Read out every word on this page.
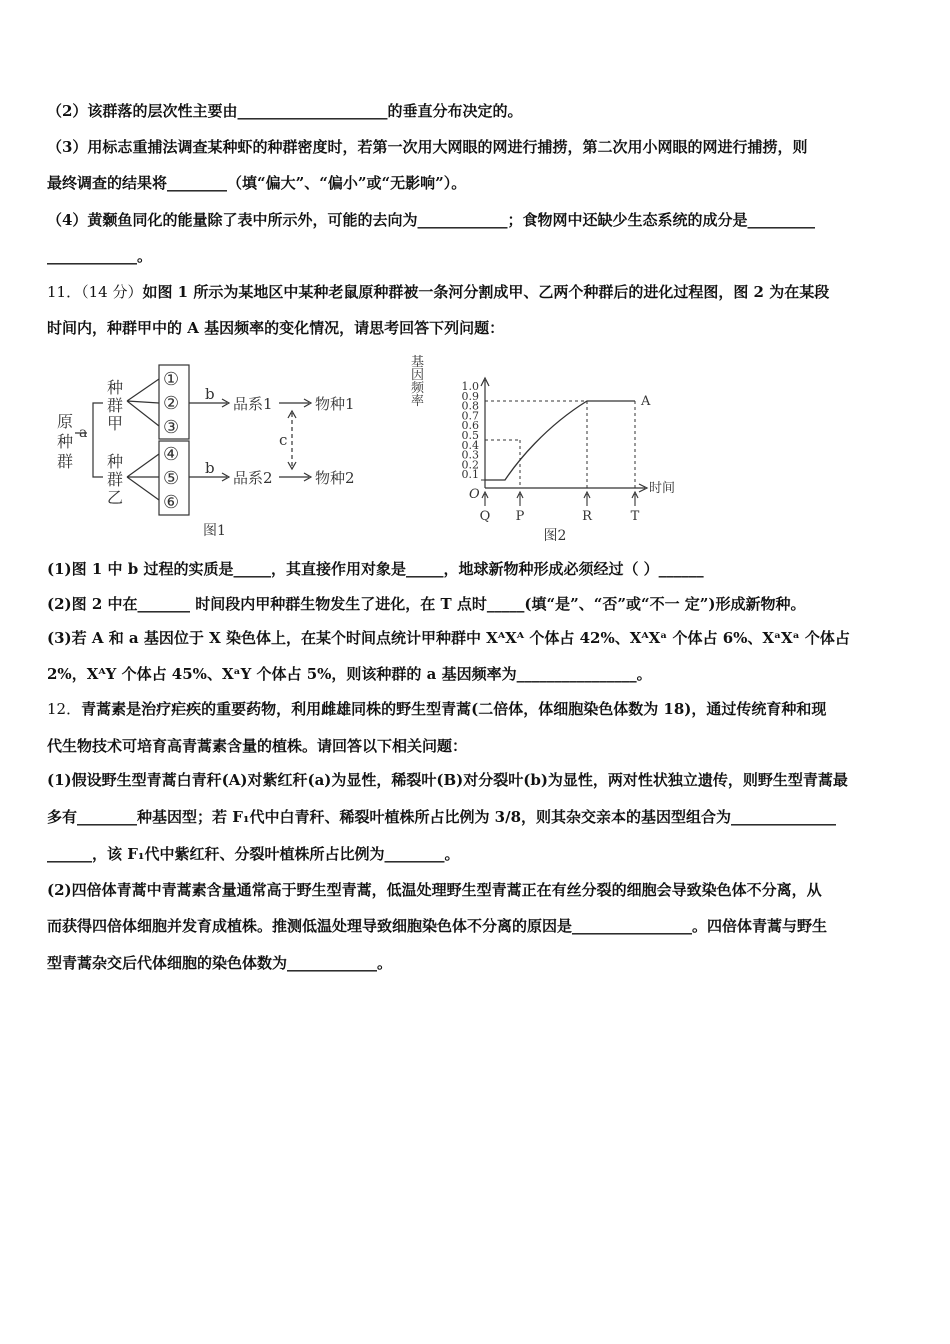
（2）该群落的层次性主要由____________________的垂直分布决定的。
（3）用标志重捕法调查某种虾的种群密度时，若第一次用大网眼的网进行捕捞，第二次用小网眼的网进行捕捞，则
最终调查的结果将________（填“偏大”、“偏小”或“无影响”）。
（4）黄颡鱼同化的能量除了表中所示外，可能的去向为____________；食物网中还缺少生态系统的成分是_________
____________。
11．（14 分）如图 1 所示为某地区中某种老鼠原种群被一条河分割成甲、乙两个种群后的进化过程图，图 2 为在某段
时间内，种群甲中的 A 基因频率的变化情况，请思考回答下列问题：
原
种
群
a
种
群
甲
种
群
乙
①
②
③
④
⑤
⑥
b
b
品系1
品系2
物种1
物种2
c
图1
基
因
频
率
1.0
0.9
0.8
0.7
0.6
0.5
0.4
0.3
0.2
0.1
A
O	时间
Q P	R	T
图2
(1)图 1 中 b 过程的实质是_____，其直接作用对象是_____，地球新物种形成必须经过（ ）______
(2)图 2 中在_______ 时间段内甲种群生物发生了进化，在 T 点时_____(填“是”、“否”或“不一 定”)形成新物种。
(3)若 A 和 a 基因位于 X 染色体上，在某个时间点统计甲种群中 XᴬXᴬ 个体占 42%、XᴬXᵃ 个体占 6%、XᵃXᵃ 个体占
2%，XᴬY 个体占 45%、XᵃY 个体占 5%，则该种群的 a 基因频率为________________。
12．青蒿素是治疗疟疾的重要药物，利用雌雄同株的野生型青蒿(二倍体，体细胞染色体数为 18)，通过传统育种和现
代生物技术可培育高青蒿素含量的植株。请回答以下相关问题：
(1)假设野生型青蒿白青秆(A)对紫红秆(a)为显性，稀裂叶(B)对分裂叶(b)为显性，两对性状独立遗传，则野生型青蒿最
多有________种基因型；若 F₁代中白青秆、稀裂叶植株所占比例为 3/8，则其杂交亲本的基因型组合为______________
______，该 F₁代中紫红秆、分裂叶植株所占比例为________。
(2)四倍体青蒿中青蒿素含量通常高于野生型青蒿，低温处理野生型青蒿正在有丝分裂的细胞会导致染色体不分离，从
而获得四倍体细胞并发育成植株。推测低温处理导致细胞染色体不分离的原因是________________。四倍体青蒿与野生
型青蒿杂交后代体细胞的染色体数为____________。
